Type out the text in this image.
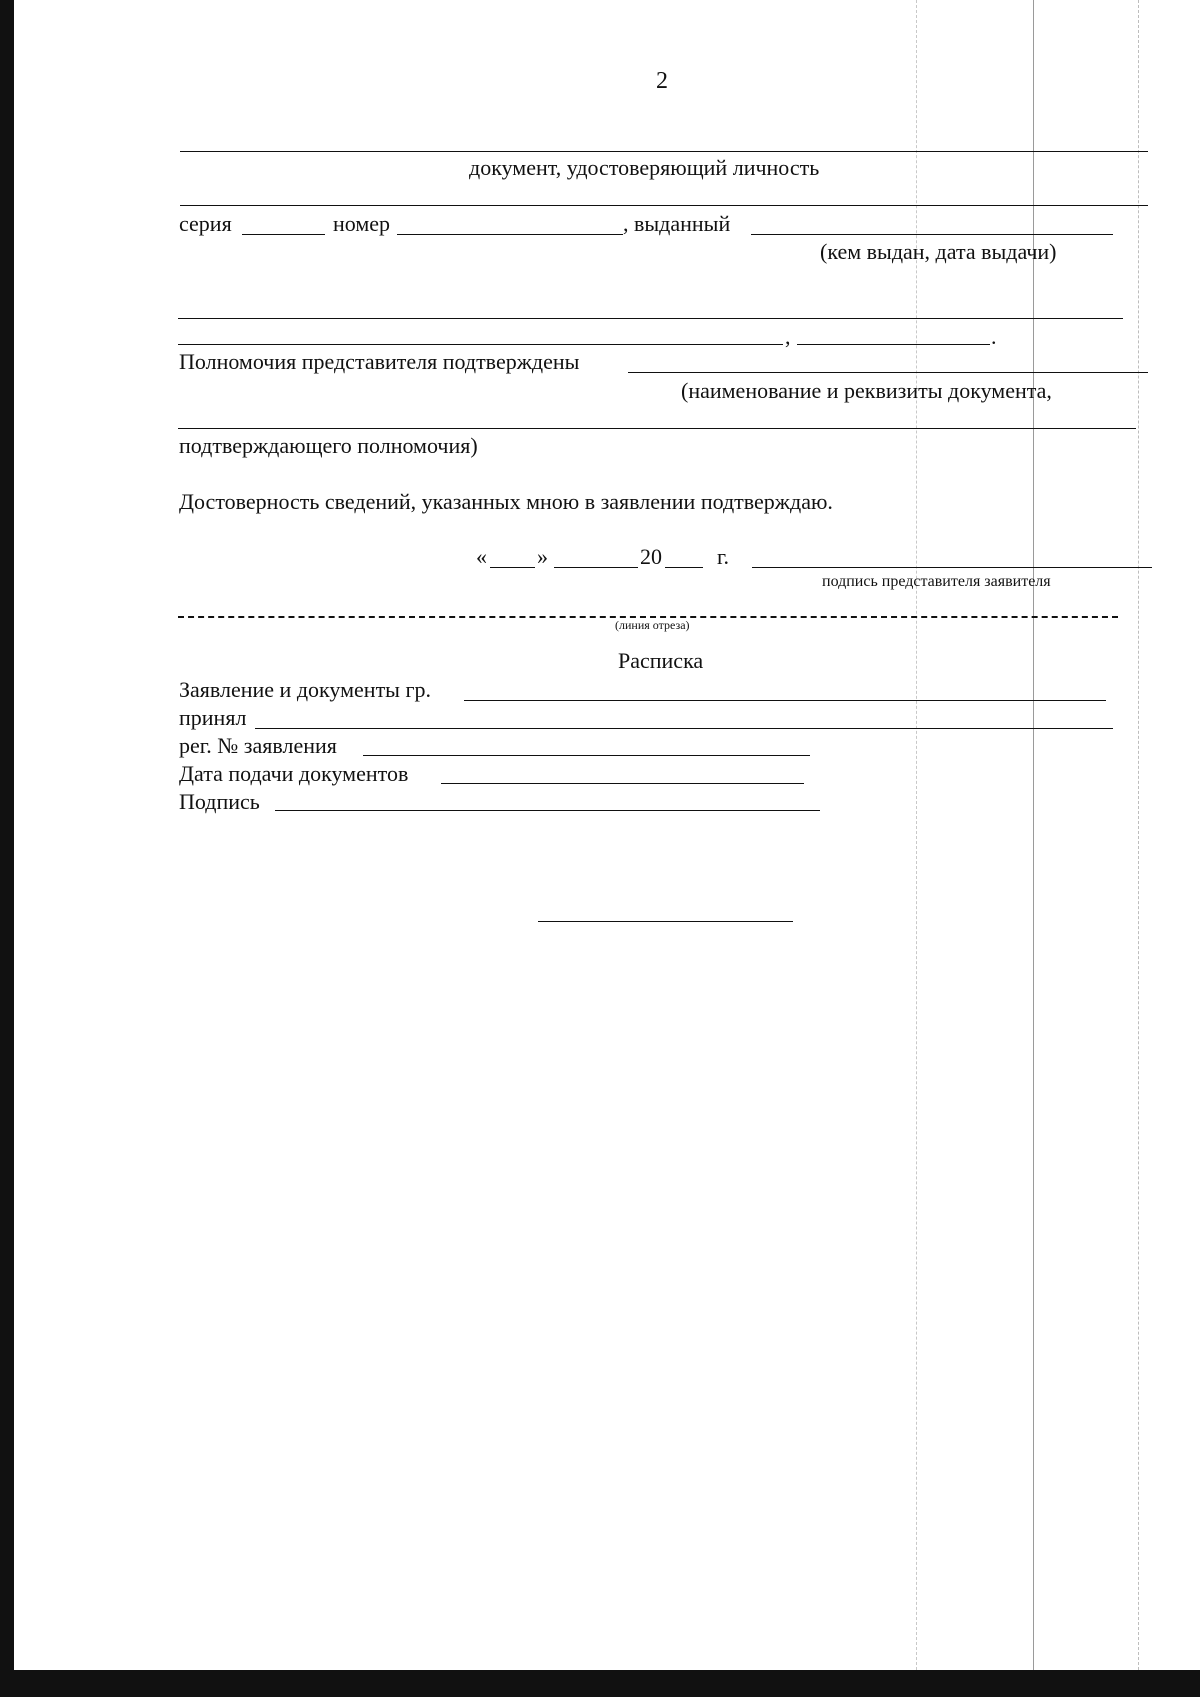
2
документ, удостоверяющий личность
серия	номер	, выданный
(кем выдан, дата выдачи)
,	.
Полномочия представителя подтверждены
(наименование и реквизиты документа,
подтверждающего полномочия)
Достоверность сведений, указанных мною в заявлении подтверждаю.
« »	20	г.
подпись представителя заявителя
(линия отреза)
Расписка
Заявление и документы гр.
принял
рег. № заявления
Дата подачи документов
Подпись
